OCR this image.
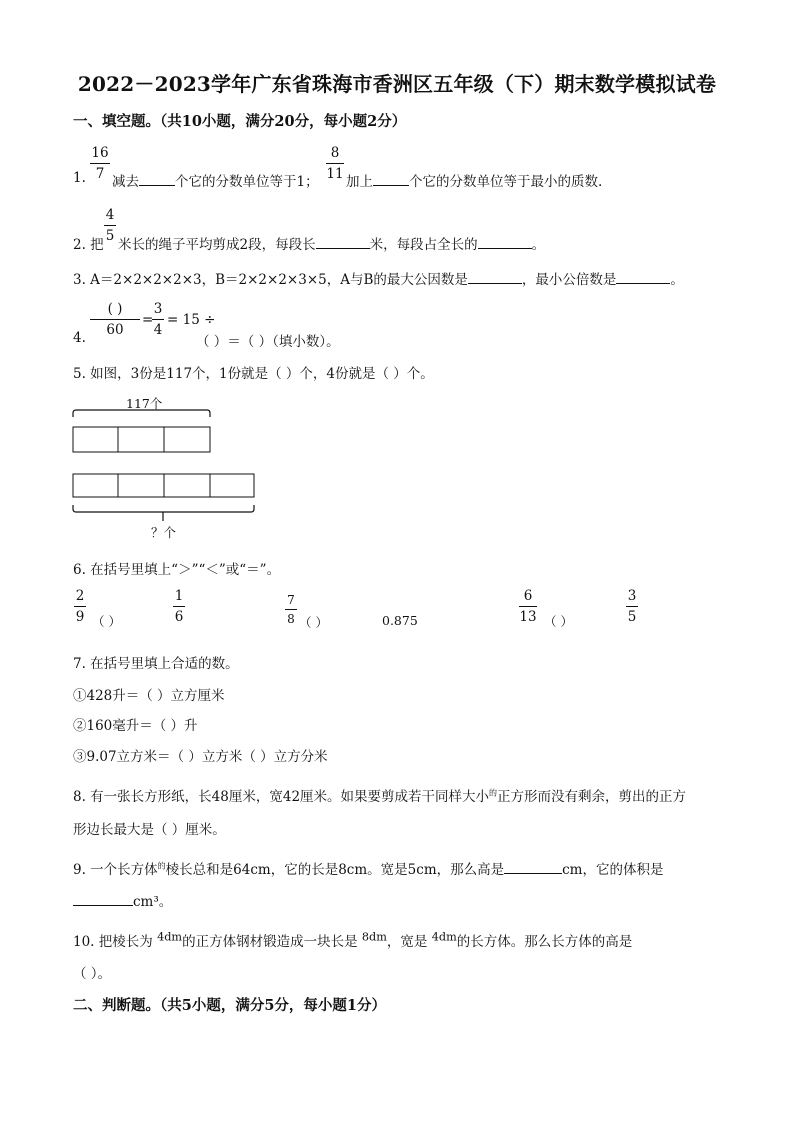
2022－2023学年广东省珠海市香洲区五年级（下）期末数学模拟试卷
一、填空题。（共10小题，满分20分，每小题2分）
1.
16
7 减去	个它的分数单位等于1；
8
11 加上	个它的分数单位等于最小的质数.
2. 把
4
5
米长的绳子平均剪成2段，每段长	米，每段占全长的	。
3. A＝2×2×2×2×3，B＝2×2×2×3×5，A与B的最大公因数是	，最小公倍数是	。
4.
( )
60
=
3
4
= 15 ÷
（ ）＝（ ）（填小数）。
5. 如图，3份是117个，1份就是（ ）个，4份就是（ ）个。
117个
？个
6. 在括号里填上“＞”“＜”或“＝”。
2
9 （ ）
1
6
7
8 （ ）	0.875
6
13 （ ）
3
5
7. 在括号里填上合适的数。
①428升＝（ ）立方厘米
②160毫升＝（ ）升
③9.07立方米＝（ ）立方米（ ）立方分米
8. 有一张长方形纸，长48厘米，宽42厘米。如果要剪成若干同样大小$^的$正方形而没有剩余，剪出的正方
形边长最大是（ ）厘米。
9. 一个长方体$^的$棱长总和是64cm，它的长是8cm。宽是5cm，那么高是	cm，它的体积是
cm³。
10. 把棱长为 $^{4dm}$的正方体钢材锻造成一块长是 $^{8dm}$，宽是 $^{4dm}$的长方体。那么长方体的高是
（ ）。
二、判断题。（共5小题，满分5分，每小题1分）
